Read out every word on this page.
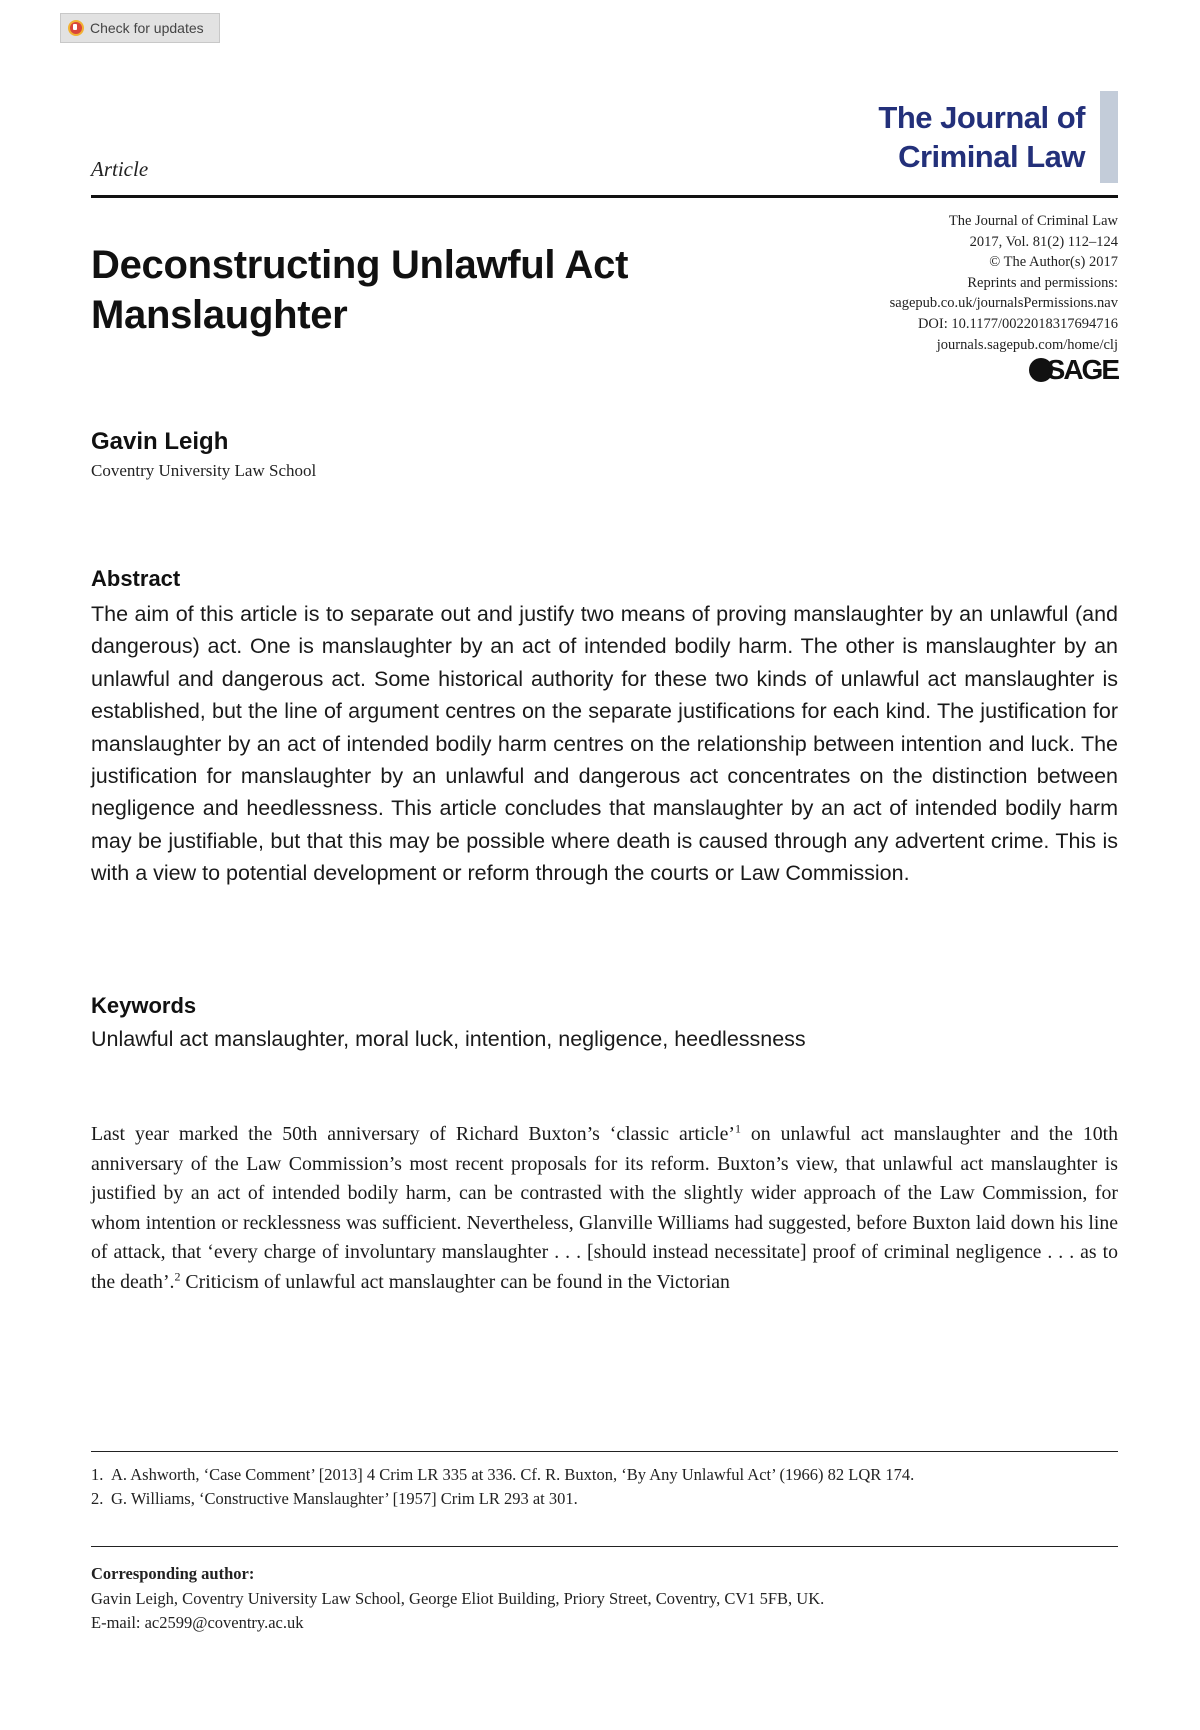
Check for updates
Article
The Journal of
Criminal Law
The Journal of Criminal Law
2017, Vol. 81(2) 112–124
© The Author(s) 2017
Reprints and permissions:
sagepub.co.uk/journalsPermissions.nav
DOI: 10.1177/0022018317694716
journals.sagepub.com/home/clj
SAGE
Deconstructing Unlawful Act
Manslaughter
Gavin Leigh
Coventry University Law School
Abstract
The aim of this article is to separate out and justify two means of proving manslaughter by an unlawful (and dangerous) act. One is manslaughter by an act of intended bodily harm. The other is manslaughter by an unlawful and dangerous act. Some historical authority for these two kinds of unlawful act manslaughter is established, but the line of argument centres on the separate justifications for each kind. The justification for manslaughter by an act of intended bodily harm centres on the relationship between intention and luck. The justification for manslaughter by an unlawful and dangerous act concentrates on the distinction between negligence and heedlessness. This article concludes that manslaughter by an act of intended bodily harm may be justifiable, but that this may be possible where death is caused through any advertent crime. This is with a view to potential development or reform through the courts or Law Commission.
Keywords
Unlawful act manslaughter, moral luck, intention, negligence, heedlessness
Last year marked the 50th anniversary of Richard Buxton’s ‘classic article’$^1$ on unlawful act manslaughter and the 10th anniversary of the Law Commission’s most recent proposals for its reform. Buxton’s view, that unlawful act manslaughter is justified by an act of intended bodily harm, can be contrasted with the slightly wider approach of the Law Commission, for whom intention or recklessness was sufficient. Nevertheless, Glanville Williams had suggested, before Buxton laid down his line of attack, that ‘every charge of involuntary manslaughter . . . [should instead necessitate] proof of criminal negligence . . . as to the death’.$^2$ Criticism of unlawful act manslaughter can be found in the Victorian
1. A. Ashworth, ‘Case Comment’ [2013] 4 Crim LR 335 at 336. Cf. R. Buxton, ‘By Any Unlawful Act’ (1966) 82 LQR 174.
2. G. Williams, ‘Constructive Manslaughter’ [1957] Crim LR 293 at 301.
Corresponding author:
Gavin Leigh, Coventry University Law School, George Eliot Building, Priory Street, Coventry, CV1 5FB, UK.
E-mail: ac2599@coventry.ac.uk
